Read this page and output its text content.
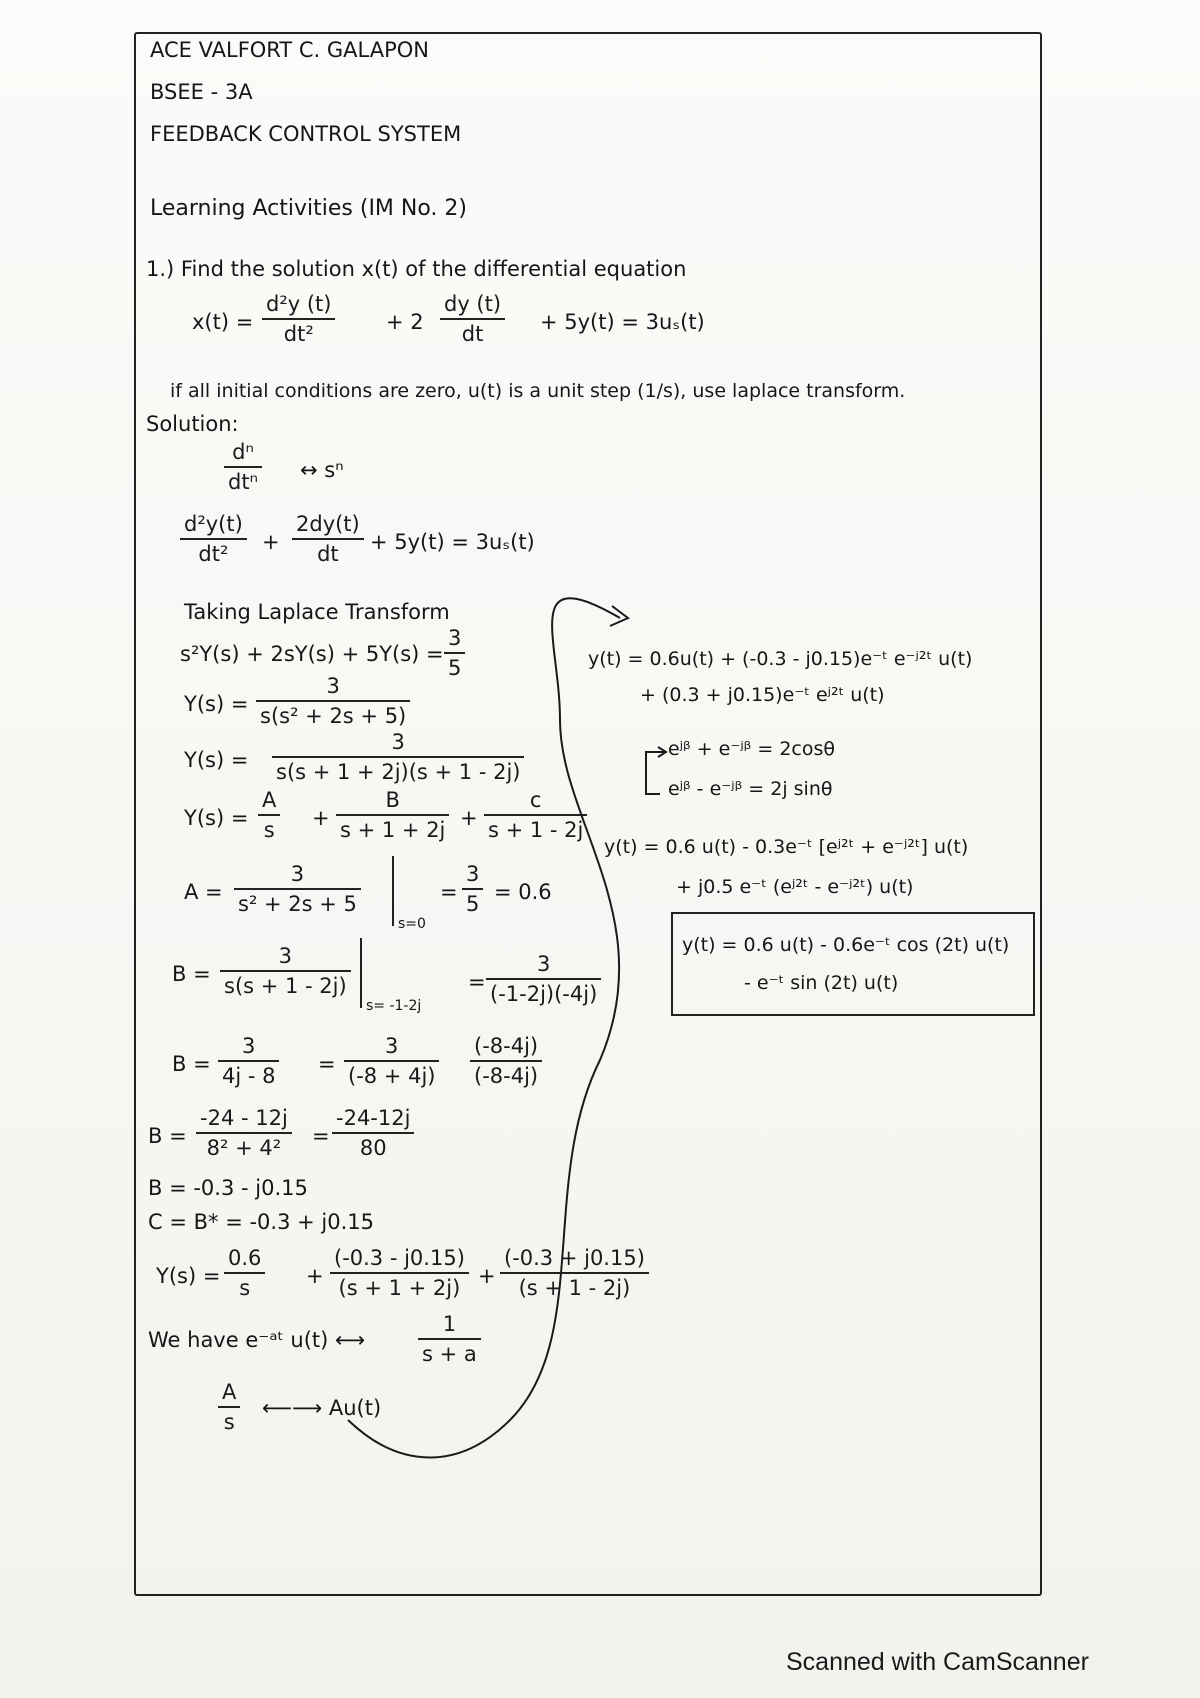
ACE VALFORT C. GALAPON
BSEE - 3A
FEEDBACK CONTROL SYSTEM
Learning Activities (IM No. 2)
1.) Find the solution x(t) of the differential equation
x(t) =
d²y (t)
dt²	+ 2
dy (t)
dt	+ 5y(t) = 3uₛ(t)
if all initial conditions are zero, u(t) is a unit step (1/s), use laplace transform.
Solution:
dⁿ
dtⁿ ↔ sⁿ
d²y(t)
dt² +
2dy(t)
dt + 5y(t) = 3uₛ(t)
Taking Laplace Transform
s²Y(s) + 2sY(s) + 5Y(s) =
3
5
Y(s) =
3
s(s² + 2s + 5)
Y(s) =
3
s(s + 1 + 2j)(s + 1 - 2j)
Y(s) =
A
s +
B
s + 1 + 2j +
c
s + 1 - 2j
A =
3
s² + 2s + 5
s=0
=
3
5 = 0.6
B =
3
s(s + 1 - 2j)
s= -1-2j
=
3
(-1-2j)(-4j)
B =
3
4j - 8 =
3
(-8 + 4j)
(-8-4j)
(-8-4j)
B =
-24 - 12j
8² + 4² =
-24-12j
80
B = -0.3 - j0.15
C = B* = -0.3 + j0.15
Y(s) =
0.6
s	+
(-0.3 - j0.15)
(s + 1 + 2j) +
(-0.3 + j0.15)
(s + 1 - 2j)
We have e⁻ᵃᵗ u(t) ⟷
1
s + a
A
s
⟵⟶ Au(t)
y(t) = 0.6u(t) + (-0.3 - j0.15)e⁻ᵗ e⁻ʲ²ᵗ u(t)
+ (0.3 + j0.15)e⁻ᵗ eʲ²ᵗ u(t)
eʲᵝ + e⁻ʲᵝ = 2cosθ
eʲᵝ - e⁻ʲᵝ = 2j sinθ
y(t) = 0.6 u(t) - 0.3e⁻ᵗ [eʲ²ᵗ + e⁻ʲ²ᵗ] u(t)
+ j0.5 e⁻ᵗ (eʲ²ᵗ - e⁻ʲ²ᵗ) u(t)
y(t) = 0.6 u(t) - 0.6e⁻ᵗ cos (2t) u(t)
- e⁻ᵗ sin (2t) u(t)
Scanned with CamScanner
